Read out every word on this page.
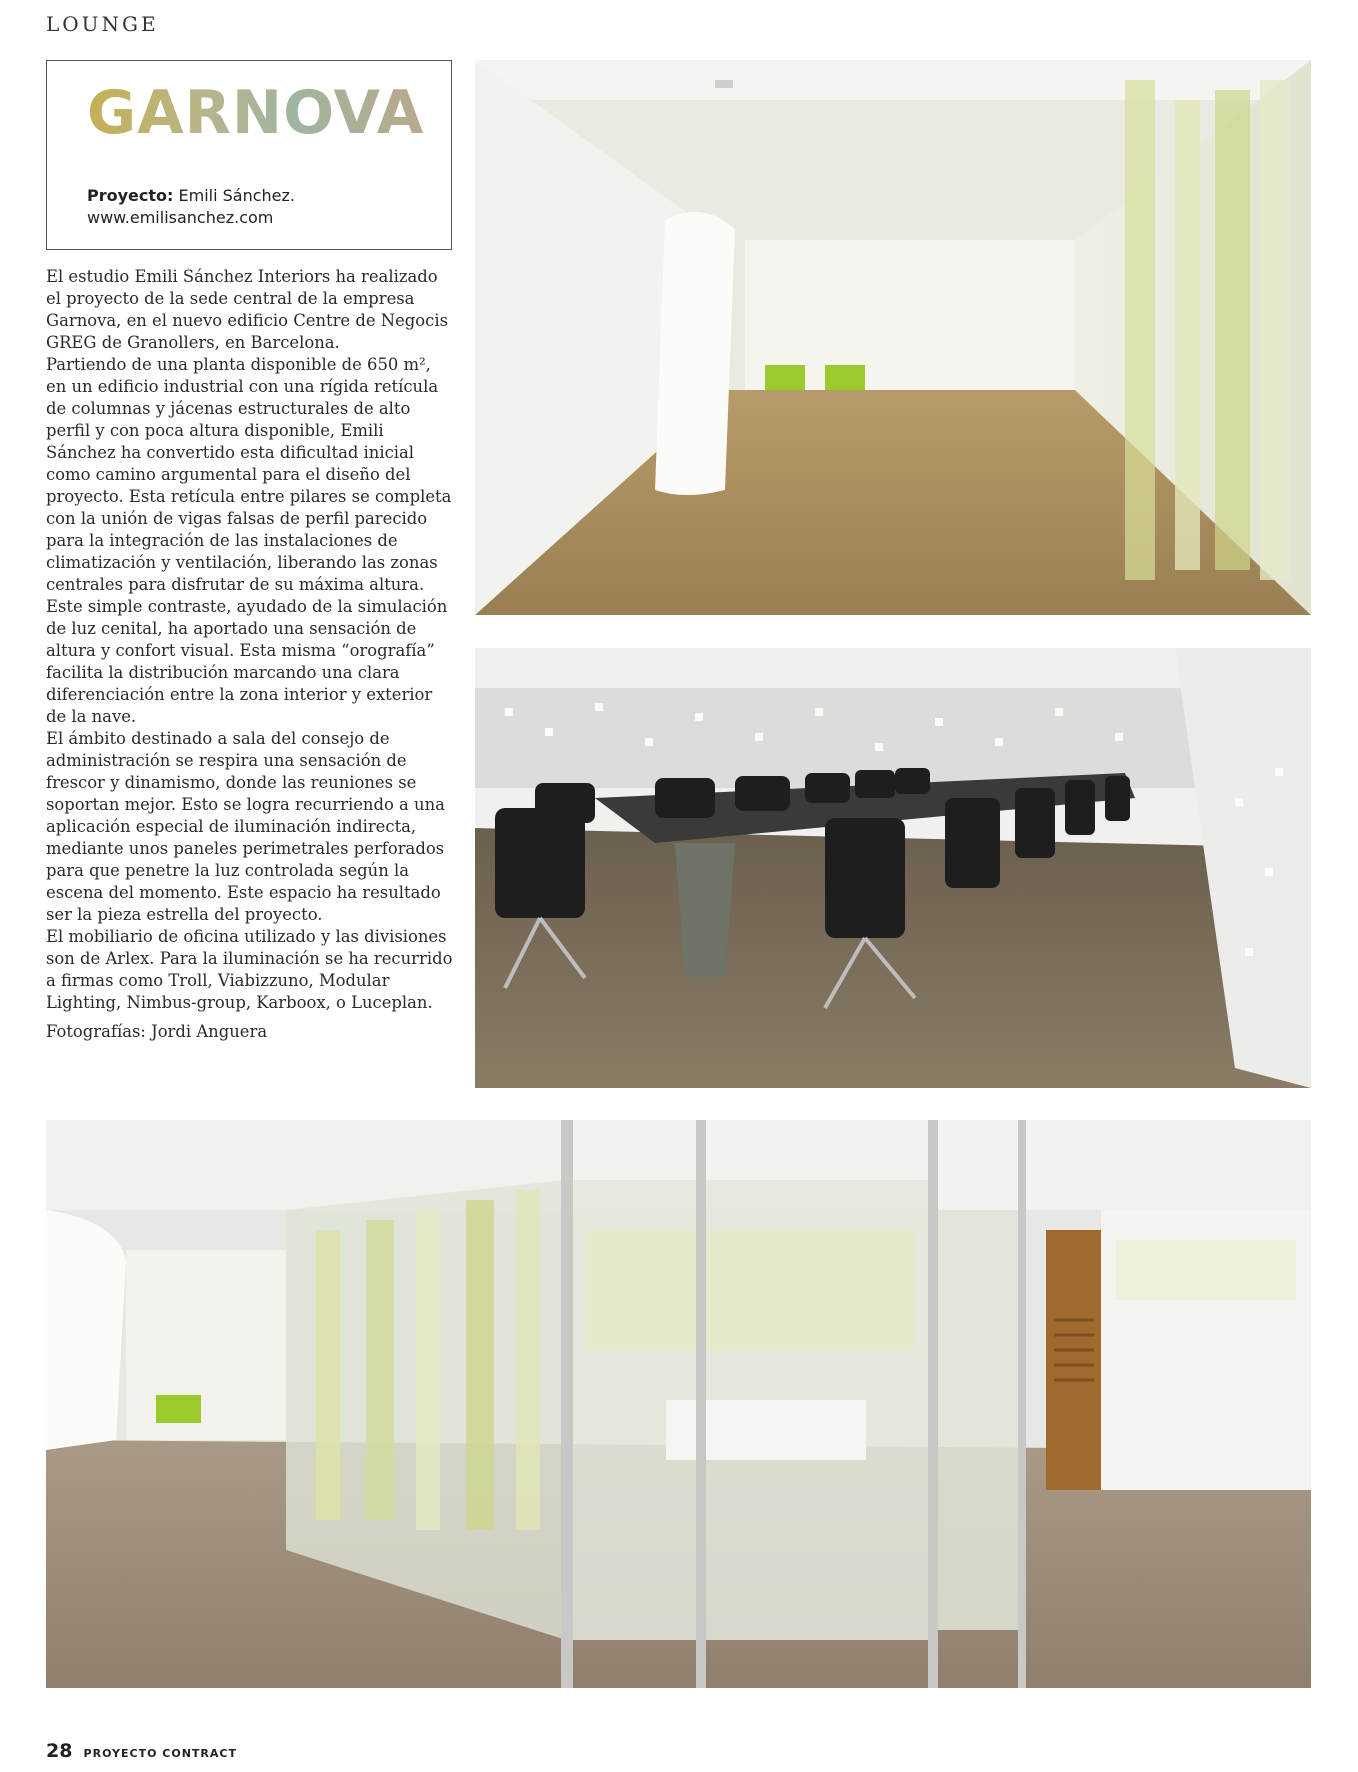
LOUNGE
GARNOVA
Proyecto: Emili Sánchez.
www.emilisanchez.com

El estudio Emili Sánchez Interiors ha realizado el proyecto de la sede central de la empresa Garnova, en el nuevo edificio Centre de Negocis GREG de Granollers, en Barcelona.

Partiendo de una planta disponible de 650 m², en un edificio industrial con una rígida retícula de columnas y jácenas estructurales de alto perfil y con poca altura disponible, Emili Sánchez ha convertido esta dificultad inicial como camino argumental para el diseño del proyecto. Esta retícula entre pilares se completa con la unión de vigas falsas de perfil parecido para la integración de las instalaciones de climatización y ventilación, liberando las zonas centrales para disfrutar de su máxima altura. Este simple contraste, ayudado de la simulación de luz cenital, ha aportado una sensación de altura y confort visual. Esta misma “orografía” facilita la distribución marcando una clara diferenciación entre la zona interior y exterior de la nave.

El ámbito destinado a sala del consejo de administración se respira una sensación de frescor y dinamismo, donde las reuniones se soportan mejor. Esto se logra recurriendo a una aplicación especial de iluminación indirecta, mediante unos paneles perimetrales perforados para que penetre la luz controlada según la escena del momento. Este espacio ha resultado ser la pieza estrella del proyecto.

El mobiliario de oficina utilizado y las divisiones son de Arlex. Para la iluminación se ha recurrido a firmas como Troll, Viabizzuno, Modular Lighting, Nimbus-group, Karboox, o Luceplan.

Fotografías: Jordi Anguera
28 PROYECTO CONTRACT
